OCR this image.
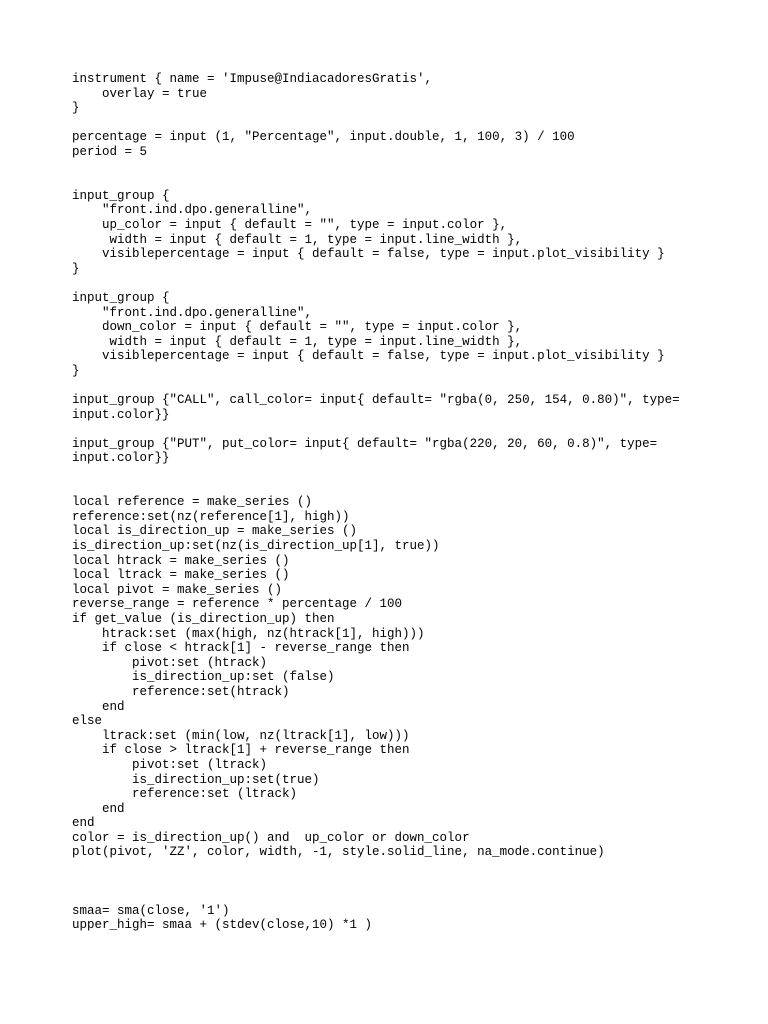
instrument { name = 'Impuse@IndiacadoresGratis',
overlay = true
}
percentage = input (1, "Percentage", input.double, 1, 100, 3) / 100
period = 5
input_group {
"front.ind.dpo.generalline",
up_color = input { default = "", type = input.color },
width = input { default = 1, type = input.line_width },
visiblepercentage = input { default = false, type = input.plot_visibility }
}
input_group {
"front.ind.dpo.generalline",
down_color = input { default = "", type = input.color },
width = input { default = 1, type = input.line_width },
visiblepercentage = input { default = false, type = input.plot_visibility }
}
input_group {"CALL", call_color= input{ default= "rgba(0, 250, 154, 0.80)", type=
input.color}}
input_group {"PUT", put_color= input{ default= "rgba(220, 20, 60, 0.8)", type=
input.color}}
local reference = make_series ()
reference:set(nz(reference[1], high))
local is_direction_up = make_series ()
is_direction_up:set(nz(is_direction_up[1], true))
local htrack = make_series ()
local ltrack = make_series ()
local pivot = make_series ()
reverse_range = reference * percentage / 100
if get_value (is_direction_up) then
htrack:set (max(high, nz(htrack[1], high)))
if close < htrack[1] - reverse_range then
pivot:set (htrack)
is_direction_up:set (false)
reference:set(htrack)
end
else
ltrack:set (min(low, nz(ltrack[1], low)))
if close > ltrack[1] + reverse_range then
pivot:set (ltrack)
is_direction_up:set(true)
reference:set (ltrack)
end
end
color = is_direction_up() and  up_color or down_color
plot(pivot, 'ZZ', color, width, -1, style.solid_line, na_mode.continue)
smaa= sma(close, '1')
upper_high= smaa + (stdev(close,10) *1 )
